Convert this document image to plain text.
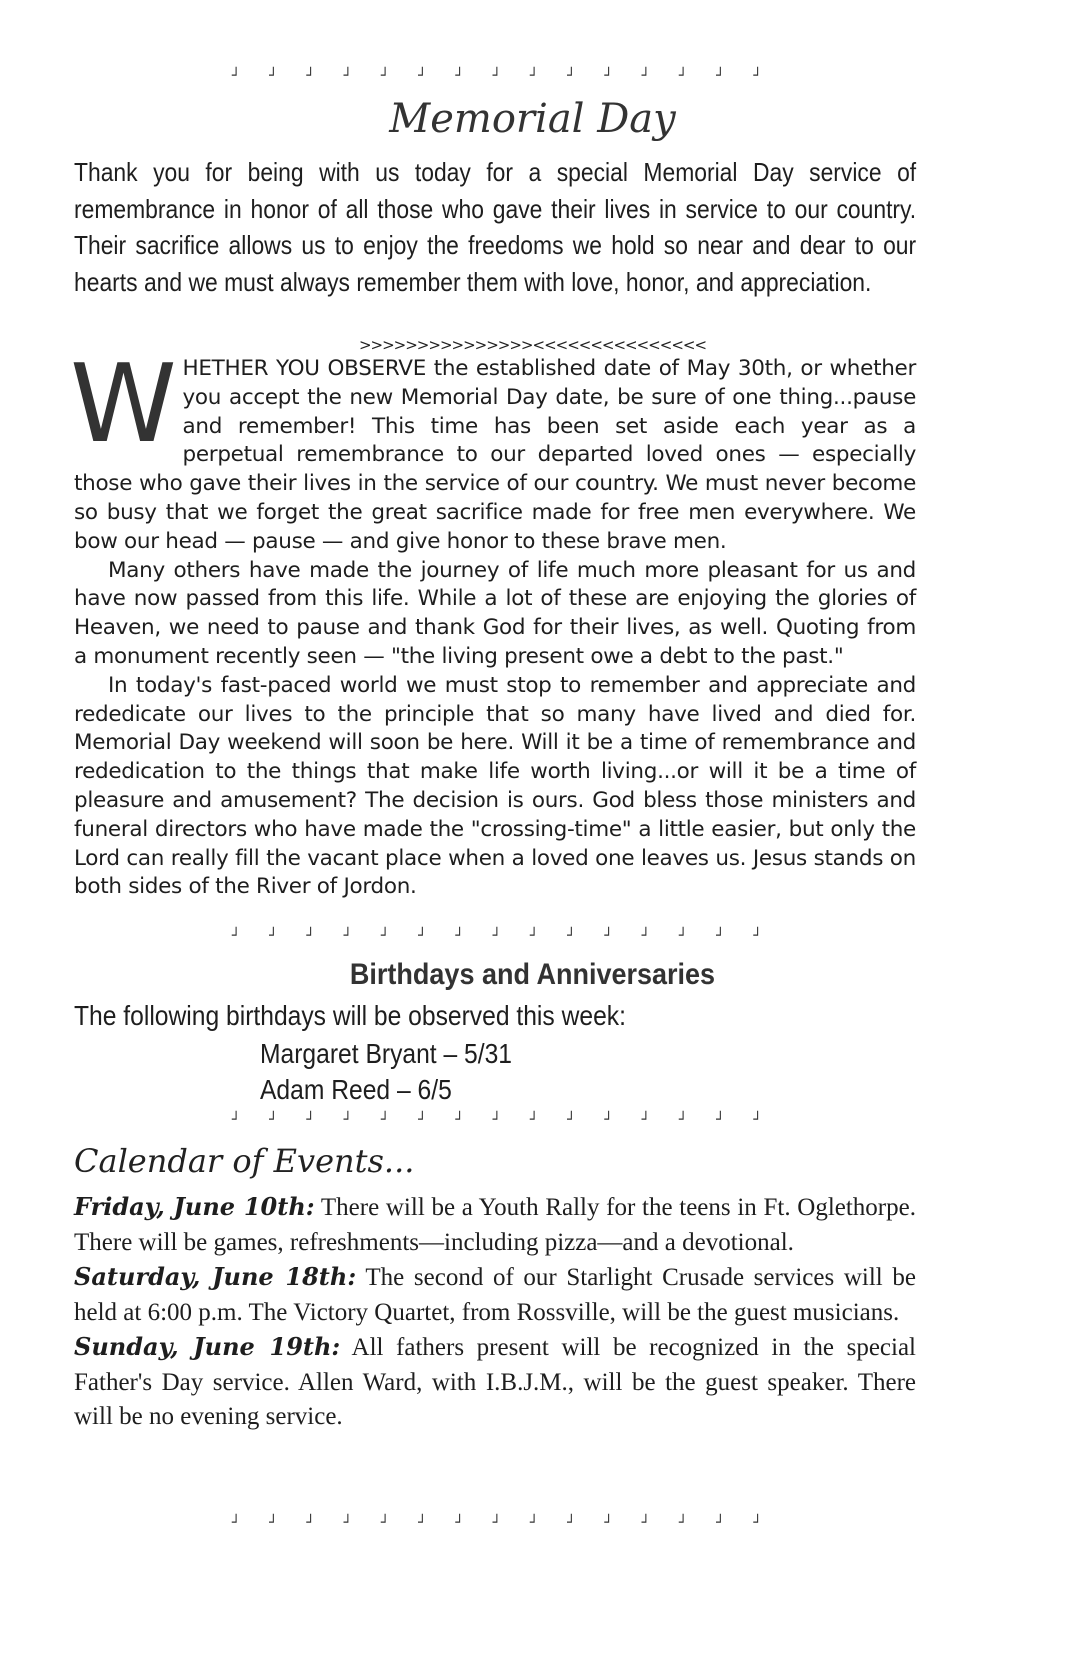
┘ ┘ ┘ ┘ ┘ ┘ ┘ ┘ ┘ ┘ ┘ ┘ ┘ ┘ ┘
Memorial Day
Thank you for being with us today for a special Memorial Day service of remembrance in honor of all those who gave their lives in service to our country. Their sacrifice allows us to enjoy the freedoms we hold so near and dear to our hearts and we must always remember them with love, honor, and appreciation.
>>>>>>>>>>>>>>><<<<<<<<<<<<<<<

WHETHER YOU OBSERVE the established date of May 30th, or whether you accept the new Memorial Day date, be sure of one thing...pause and remember! This time has been set aside each year as a perpetual remembrance to our departed loved ones — especially those who gave their lives in the service of our country. We must never become so busy that we forget the great sacrifice made for free men everywhere. We bow our head — pause — and give honor to these brave men.

Many others have made the journey of life much more pleasant for us and have now passed from this life. While a lot of these are enjoying the glories of Heaven, we need to pause and thank God for their lives, as well. Quoting from a monument recently seen — "the living present owe a debt to the past."

In today's fast-paced world we must stop to remember and appreciate and rededicate our lives to the principle that so many have lived and died for. Memorial Day weekend will soon be here. Will it be a time of remembrance and rededication to the things that make life worth living...or will it be a time of pleasure and amusement? The decision is ours. God bless those ministers and funeral directors who have made the "crossing-time" a little easier, but only the Lord can really fill the vacant place when a loved one leaves us. Jesus stands on both sides of the River of Jordon.

┘ ┘ ┘ ┘ ┘ ┘ ┘ ┘ ┘ ┘ ┘ ┘ ┘ ┘ ┘
Birthdays and Anniversaries
The following birthdays will be observed this week:
Margaret Bryant – 5/31
Adam Reed – 6/5
┘ ┘ ┘ ┘ ┘ ┘ ┘ ┘ ┘ ┘ ┘ ┘ ┘ ┘ ┘
Calendar of Events...

Friday, June 10th: There will be a Youth Rally for the teens in Ft. Oglethorpe. There will be games, refreshments—including pizza—and a devotional.

Saturday, June 18th: The second of our Starlight Crusade services will be held at 6:00 p.m. The Victory Quartet, from Rossville, will be the guest musicians.

Sunday, June 19th: All fathers present will be recognized in the special Father's Day service. Allen Ward, with I.B.J.M., will be the guest speaker. There will be no evening service.

┘ ┘ ┘ ┘ ┘ ┘ ┘ ┘ ┘ ┘ ┘ ┘ ┘ ┘ ┘
